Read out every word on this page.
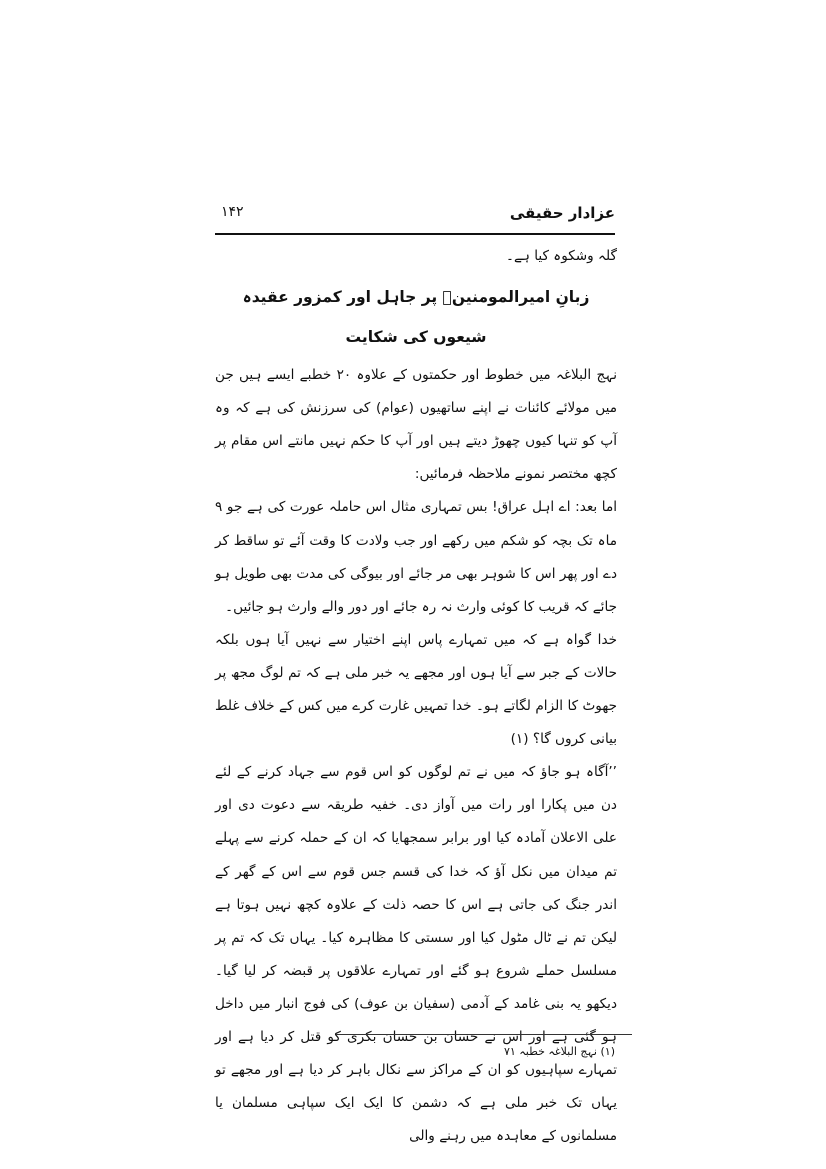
عزادار حقیقی
۱۴۲

گلہ وشکوہ کیا ہے۔

زبانِ امیرالمومنینؑ پر جاہل اور کمزور عقیدہ شیعوں کی شکایت

نہج البلاغہ میں خطوط اور حکمتوں کے علاوہ ۲۰ خطبے ایسے ہیں جن میں مولائے کائنات نے اپنے ساتھیوں (عوام) کی سرزنش کی ہے کہ وہ آپ کو تنہا کیوں چھوڑ دیتے ہیں اور آپ کا حکم نہیں مانتے اس مقام پر کچھ مختصر نمونے ملاحظہ فرمائیں:

اما بعد: اے اہل عراق! بس تمہاری مثال اس حاملہ عورت کی ہے جو ۹ ماہ تک بچہ کو شکم میں رکھے اور جب ولادت کا وقت آئے تو ساقط کر دے اور پھر اس کا شوہر بھی مر جائے اور بیوگی کی مدت بھی طویل ہو جائے کہ قریب کا کوئی وارث نہ رہ جائے اور دور والے وارث ہو جائیں۔

خدا گواہ ہے کہ میں تمہارے پاس اپنے اختیار سے نہیں آیا ہوں بلکہ حالات کے جبر سے آیا ہوں اور مجھے یہ خبر ملی ہے کہ تم لوگ مجھ پر جھوٹ کا الزام لگاتے ہو۔ خدا تمہیں غارت کرے میں کس کے خلاف غلط بیانی کروں گا؟ (۱)

’’آگاہ ہو جاؤ کہ میں نے تم لوگوں کو اس قوم سے جہاد کرنے کے لئے دن میں پکارا اور رات میں آواز دی۔ خفیہ طریقہ سے دعوت دی اور علی الاعلان آمادہ کیا اور برابر سمجھایا کہ ان کے حملہ کرنے سے پہلے تم میدان میں نکل آؤ کہ خدا کی قسم جس قوم سے اس کے گھر کے اندر جنگ کی جاتی ہے اس کا حصہ ذلت کے علاوہ کچھ نہیں ہوتا ہے لیکن تم نے ٹال مٹول کیا اور سستی کا مظاہرہ کیا۔ یہاں تک کہ تم پر مسلسل حملے شروع ہو گئے اور تمہارے علاقوں پر قبضہ کر لیا گیا۔ دیکھو یہ بنی غامد کے آدمی (سفیان بن عوف) کی فوج انبار میں داخل ہو گئی ہے اور اس نے حسان بن حسان بکری کو قتل کر دیا ہے اور تمہارے سپاہیوں کو ان کے مراکز سے نکال باہر کر دیا ہے اور مجھے تو یہاں تک خبر ملی ہے کہ دشمن کا ایک ایک سپاہی مسلمان یا مسلمانوں کے معاہدہ میں رہنے والی

(۱) نہج البلاغہ خطبہ ۷۱
